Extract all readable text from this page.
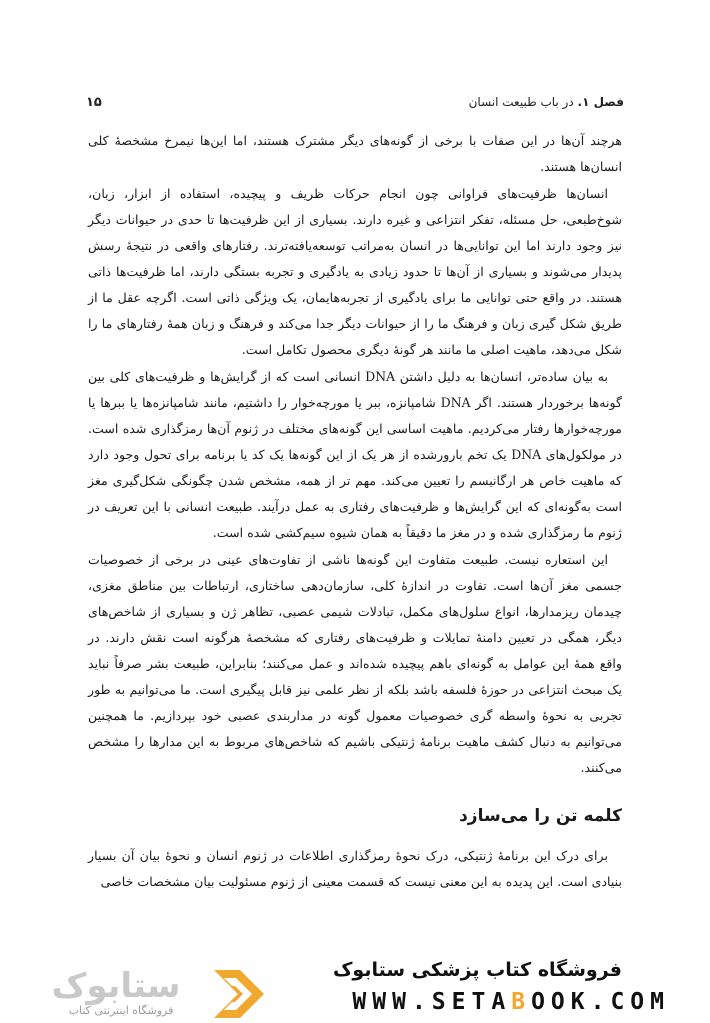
فصل ۱. در باب طبیعت انسان
۱۵

هرچند آن‌ها در این صفات با برخی از گونه‌های دیگر مشترک هستند، اما این‌ها نیمرخ مشخصهٔ کلی انسان‌ها هستند.

انسان‌ها ظرفیت‌های فراوانی چون انجام حرکات ظریف و پیچیده، استفاده از ابزار، زبان، شوخ‌طبعی، حل مسئله، تفکر انتزاعی و غیره دارند. بسیاری از این ظرفیت‌ها تا حدی در حیوانات دیگر نیز وجود دارند اما این توانایی‌ها در انسان به‌مراتب توسعه‌یافته‌ترند. رفتارهای واقعی در نتیجهٔ رسش پدیدار می‌شوند و بسیاری از آن‌ها تا حدود زیادی به یادگیری و تجربه بستگی دارند، اما ظرفیت‌ها ذاتی هستند. در واقع حتی توانایی ما برای یادگیری از تجربه‌هایمان، یک ویژگی ذاتی است. اگرچه عقل ما از طریق شکل گیری زبان و فرهنگ ما را از حیوانات دیگر جدا می‌کند و فرهنگ و زبان همهٔ رفتارهای ما را شکل می‌دهد، ماهیت اصلی ما مانند هر گونهٔ دیگری محصول تکامل است.

به بیان ساده‌تر، انسان‌ها به دلیل داشتن DNA انسانی است که از گرایش‌ها و ظرفیت‌های کلی بین گونه‌ها برخوردار هستند. اگر DNA شامپانزه، ببر یا مورچه‌خوار را داشتیم، مانند شامپانزه‌ها یا ببرها یا مورچه‌خوارها رفتار می‌کردیم. ماهیت اساسی این گونه‌های مختلف در ژنوم آن‌ها رمزگذاری شده است. در مولکول‌های DNA یک تخم بارورشده از هر یک از این گونه‌ها یک کد یا برنامه برای تحول وجود دارد که ماهیت خاص هر ارگانیسم را تعیین می‌کند. مهم تر از همه، مشخص شدن چگونگی شکل‌گیری مغز است به‌گونه‌ای که این گرایش‌ها و ظرفیت‌های رفتاری به عمل درآیند. طبیعت انسانی با این تعریف در ژنوم ما رمزگذاری شده و در مغز ما دقیقاً به همان شیوه سیم‌کشی شده است.

این استعاره نیست. طبیعت متفاوت این گونه‌ها ناشی از تفاوت‌های عینی در برخی از خصوصیات جسمی مغز آن‌ها است. تفاوت در اندازهٔ کلی، سازمان‌دهی ساختاری، ارتباطات بین مناطق مغزی، چیدمان ریزمدارها، انواع سلول‌های مکمل، تبادلات شیمی عصبی، تظاهر ژن و بسیاری از شاخص‌های دیگر، همگی در تعیین دامنهٔ تمایلات و ظرفیت‌های رفتاری که مشخصهٔ هرگونه است نقش دارند. در واقع همهٔ این عوامل به گونه‌ای باهم پیچیده شده‌اند و عمل می‌کنند؛ بنابراین، طبیعت بشر صرفاً نباید یک مبحث انتزاعی در حوزهٔ فلسفه باشد بلکه از نظر علمی نیز قابل پیگیری است. ما می‌توانیم به طور تجربی به نحوهٔ واسطه گری خصوصیات معمول گونه در مداربندی عصبی خود بپردازیم. ما همچنین می‌توانیم به دنبال کشف ماهیت برنامهٔ ژنتیکی باشیم که شاخص‌های مربوط به این مدارها را مشخص می‌کنند.

کلمه تن را می‌سازد

برای درک این برنامهٔ ژنتیکی، درک نحوهٔ رمزگذاری اطلاعات در ژنوم انسان و نحوهٔ بیان آن بسیار بنیادی است. این پدیده به این معنی نیست که قسمت معینی از ژنوم مسئولیت بیان مشخصات خاصی

فروشگاه کتاب پزشکی ستابوک
WWW.SETABOOK.COM
ستابوک
فروشگاه اینترنتی کتاب
